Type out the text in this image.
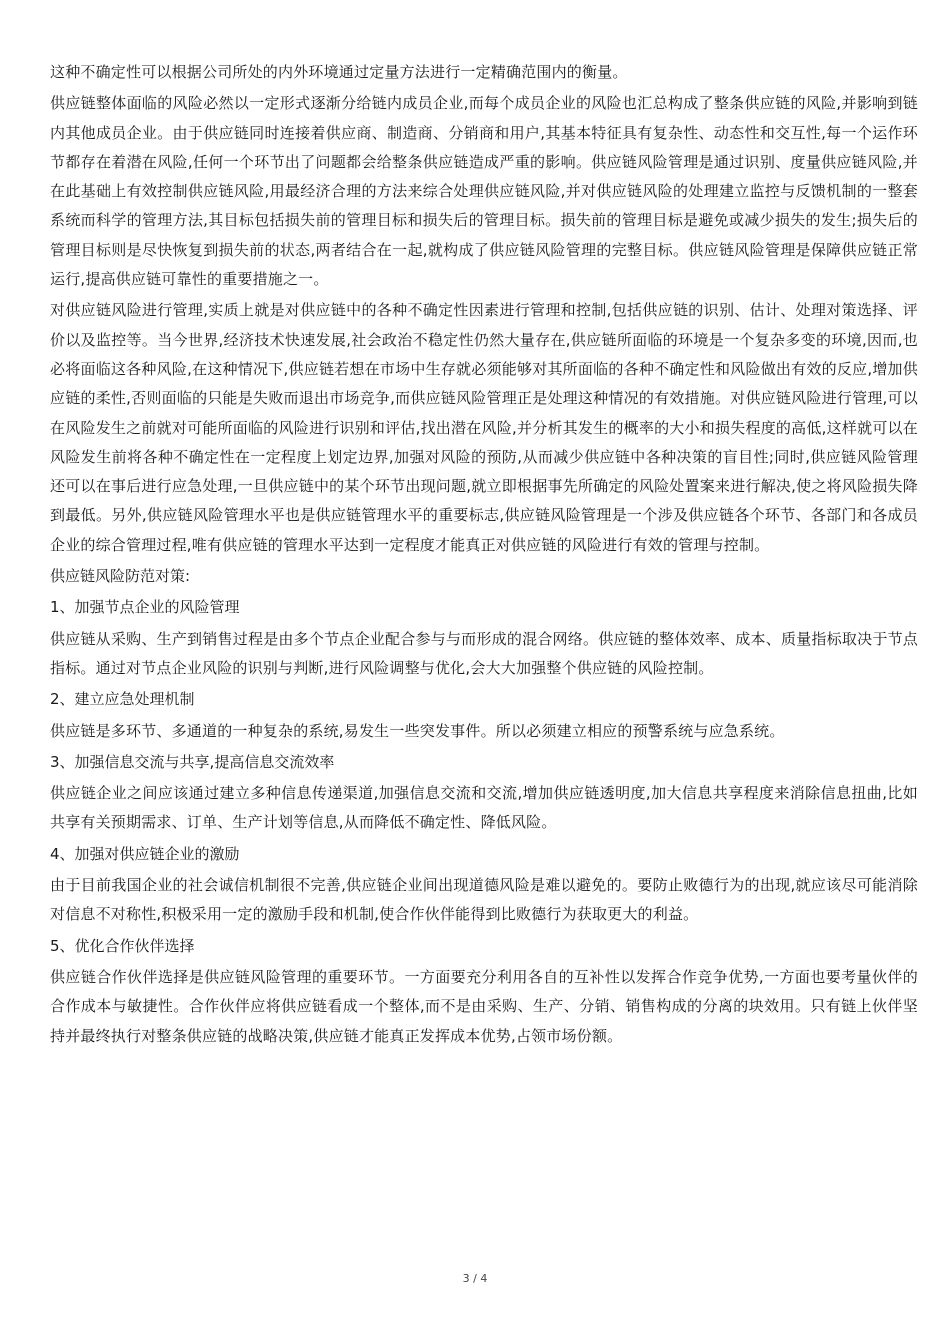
这种不确定性可以根据公司所处的内外环境通过定量方法进行一定精确范围内的衡量。

供应链整体面临的风险必然以一定形式逐渐分给链内成员企业,而每个成员企业的风险也汇总构成了整条供应链的风险,并影响到链内其他成员企业。由于供应链同时连接着供应商、制造商、分销商和用户,其基本特征具有复杂性、动态性和交互性,每一个运作环节都存在着潜在风险,任何一个环节出了问题都会给整条供应链造成严重的影响。供应链风险管理是通过识别、度量供应链风险,并在此基础上有效控制供应链风险,用最经济合理的方法来综合处理供应链风险,并对供应链风险的处理建立监控与反馈机制的一整套系统而科学的管理方法,其目标包括损失前的管理目标和损失后的管理目标。损失前的管理目标是避免或减少损失的发生;损失后的管理目标则是尽快恢复到损失前的状态,两者结合在一起,就构成了供应链风险管理的完整目标。供应链风险管理是保障供应链正常运行,提高供应链可靠性的重要措施之一。

对供应链风险进行管理,实质上就是对供应链中的各种不确定性因素进行管理和控制,包括供应链的识别、估计、处理对策选择、评价以及监控等。当今世界,经济技术快速发展,社会政治不稳定性仍然大量存在,供应链所面临的环境是一个复杂多变的环境,因而,也必将面临这各种风险,在这种情况下,供应链若想在市场中生存就必须能够对其所面临的各种不确定性和风险做出有效的反应,增加供应链的柔性,否则面临的只能是失败而退出市场竞争,而供应链风险管理正是处理这种情况的有效措施。对供应链风险进行管理,可以在风险发生之前就对可能所面临的风险进行识别和评估,找出潜在风险,并分析其发生的概率的大小和损失程度的高低,这样就可以在风险发生前将各种不确定性在一定程度上划定边界,加强对风险的预防,从而减少供应链中各种决策的盲目性;同时,供应链风险管理还可以在事后进行应急处理,一旦供应链中的某个环节出现问题,就立即根据事先所确定的风险处置案来进行解决,使之将风险损失降到最低。另外,供应链风险管理水平也是供应链管理水平的重要标志,供应链风险管理是一个涉及供应链各个环节、各部门和各成员企业的综合管理过程,唯有供应链的管理水平达到一定程度才能真正对供应链的风险进行有效的管理与控制。

供应链风险防范对策:

1、加强节点企业的风险管理

供应链从采购、生产到销售过程是由多个节点企业配合参与与而形成的混合网络。供应链的整体效率、成本、质量指标取决于节点指标。通过对节点企业风险的识别与判断,进行风险调整与优化,会大大加强整个供应链的风险控制。

2、建立应急处理机制

供应链是多环节、多通道的一种复杂的系统,易发生一些突发事件。所以必须建立相应的预警系统与应急系统。

3、加强信息交流与共享,提高信息交流效率

供应链企业之间应该通过建立多种信息传递渠道,加强信息交流和交流,增加供应链透明度,加大信息共享程度来消除信息扭曲,比如共享有关预期需求、订单、生产计划等信息,从而降低不确定性、降低风险。

4、加强对供应链企业的激励

由于目前我国企业的社会诚信机制很不完善,供应链企业间出现道德风险是难以避免的。要防止败德行为的出现,就应该尽可能消除对信息不对称性,积极采用一定的激励手段和机制,使合作伙伴能得到比败德行为获取更大的利益。

5、优化合作伙伴选择

供应链合作伙伴选择是供应链风险管理的重要环节。一方面要充分利用各自的互补性以发挥合作竞争优势,一方面也要考量伙伴的合作成本与敏捷性。合作伙伴应将供应链看成一个整体,而不是由采购、生产、分销、销售构成的分离的块效用。只有链上伙伴坚持并最终执行对整条供应链的战略决策,供应链才能真正发挥成本优势,占领市场份额。

3 / 4
